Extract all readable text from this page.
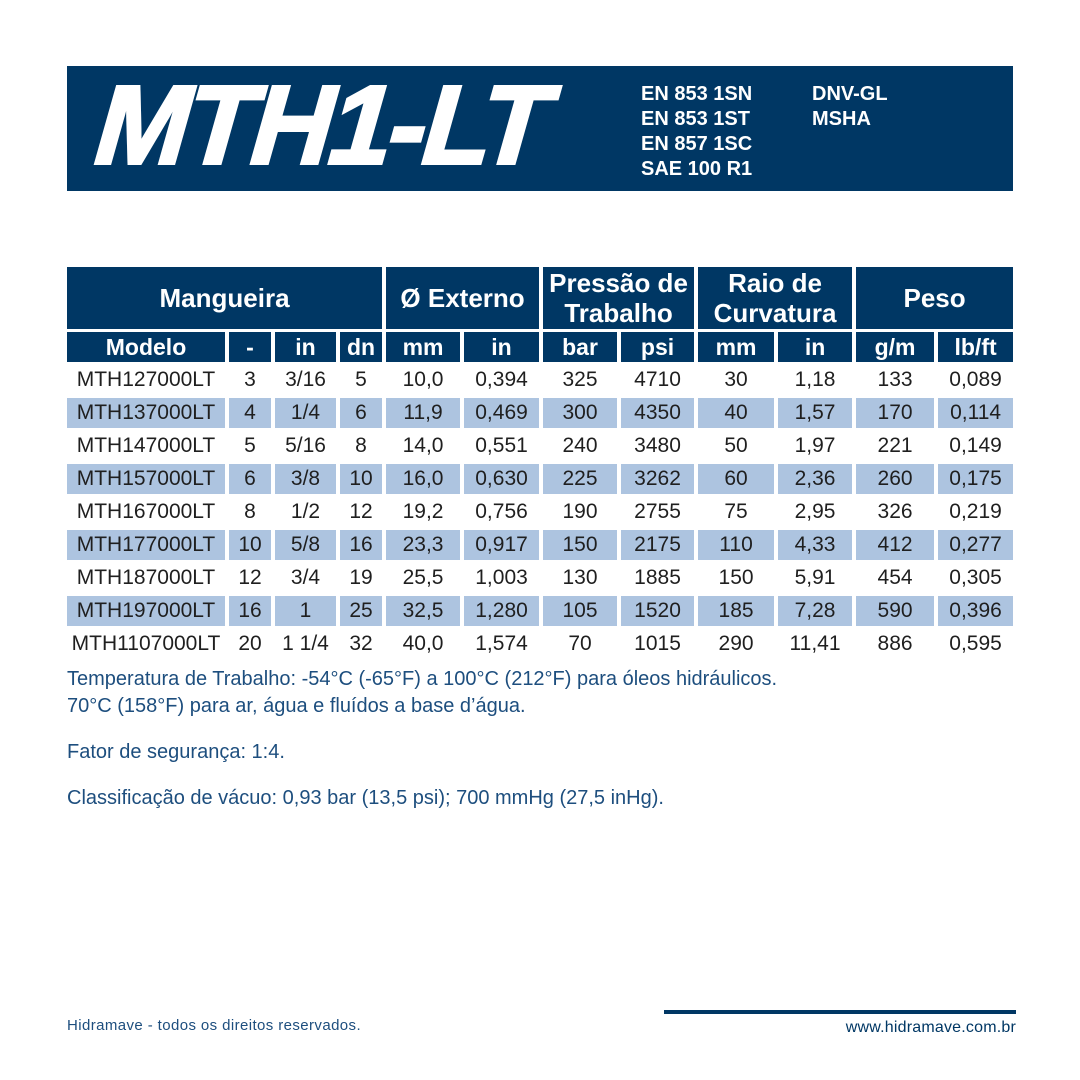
MTH1-LT	EN 853 1SN
EN 853 1ST
EN 857 1SC
SAE 100 R1
DNV-GL
MSHA
Mangueira				Ø Externo		Pressão de Trabalho		Raio de Curvatura		Peso	
Modelo	-	in	dn	mm	in	bar	psi	mm	in	g/m	lb/ft
MTH127000LT	3	3/16	5	10,0	0,394	325	4710	30	1,18	133	0,089
MTH137000LT	4	1/4	6	11,9	0,469	300	4350	40	1,57	170	0,114
MTH147000LT	5	5/16	8	14,0	0,551	240	3480	50	1,97	221	0,149
MTH157000LT	6	3/8	10	16,0	0,630	225	3262	60	2,36	260	0,175
MTH167000LT	8	1/2	12	19,2	0,756	190	2755	75	2,95	326	0,219
MTH177000LT	10	5/8	16	23,3	0,917	150	2175	110	4,33	412	0,277
MTH187000LT	12	3/4	19	25,5	1,003	130	1885	150	5,91	454	0,305
MTH197000LT	16	1	25	32,5	1,280	105	1520	185	7,28	590	0,396
MTH1107000LT	20	1 1/4	32	40,0	1,574	70	1015	290	11,41	886	0,595

Temperatura de Trabalho: -54°C (-65°F) a 100°C (212°F) para óleos hidráulicos.
70°C (158°F) para ar, água e fluídos a base d’água.

Fator de segurança: 1:4.

Classificação de vácuo: 0,93 bar (13,5 psi); 700 mmHg (27,5 inHg).

Hidramave - todos os direitos reservados.	www.hidramave.com.br
